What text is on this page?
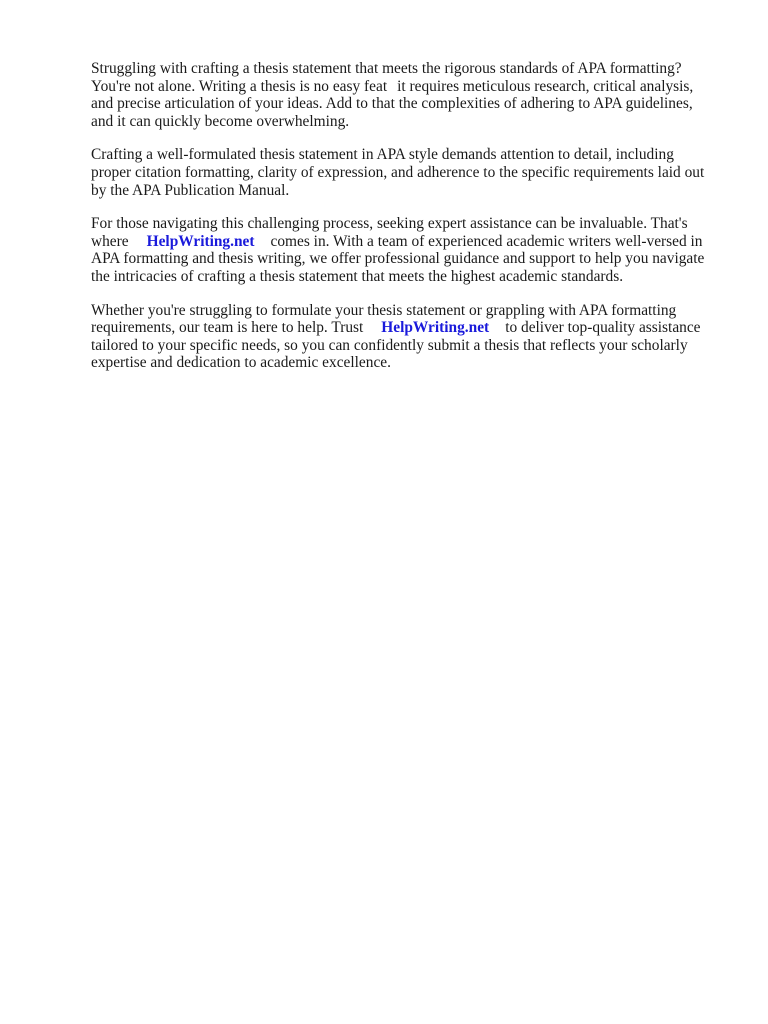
Struggling with crafting a thesis statement that meets the rigorous standards of APA formatting?
You're not alone. Writing a thesis is no easy feat it requires meticulous research, critical analysis,
and precise articulation of your ideas. Add to that the complexities of adhering to APA guidelines,
and it can quickly become overwhelming.

Crafting a well-formulated thesis statement in APA style demands attention to detail, including
proper citation formatting, clarity of expression, and adherence to the specific requirements laid out
by the APA Publication Manual.

For those navigating this challenging process, seeking expert assistance can be invaluable. That's
where HelpWriting.net comes in. With a team of experienced academic writers well-versed in
APA formatting and thesis writing, we offer professional guidance and support to help you navigate
the intricacies of crafting a thesis statement that meets the highest academic standards.

Whether you're struggling to formulate your thesis statement or grappling with APA formatting
requirements, our team is here to help. Trust HelpWriting.net to deliver top-quality assistance
tailored to your specific needs, so you can confidently submit a thesis that reflects your scholarly
expertise and dedication to academic excellence.
